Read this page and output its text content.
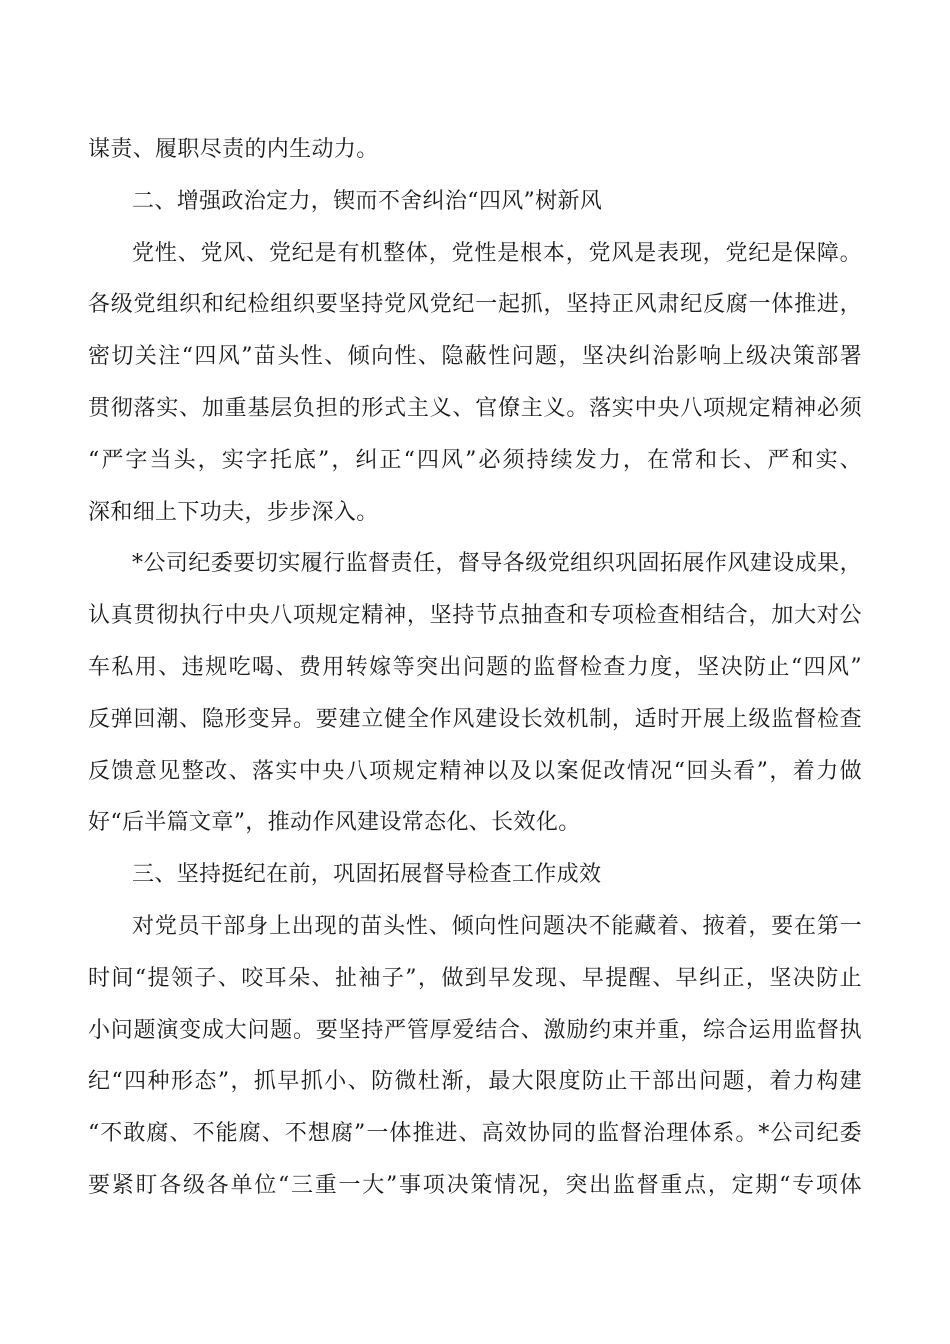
谋责、履职尽责的内生动力。
二、增强政治定力，锲而不舍纠治“四风”树新风
党性、党风、党纪是有机整体，党性是根本，党风是表现，党纪是保障。
各级党组织和纪检组织要坚持党风党纪一起抓，坚持正风肃纪反腐一体推进，
密切关注“四风”苗头性、倾向性、隐蔽性问题，坚决纠治影响上级决策部署
贯彻落实、加重基层负担的形式主义、官僚主义。落实中央八项规定精神必须
“严字当头，实字托底”，纠正“四风”必须持续发力，在常和长、严和实、
深和细上下功夫，步步深入。
*公司纪委要切实履行监督责任，督导各级党组织巩固拓展作风建设成果，
认真贯彻执行中央八项规定精神，坚持节点抽查和专项检查相结合，加大对公
车私用、违规吃喝、费用转嫁等突出问题的监督检查力度，坚决防止“四风”
反弹回潮、隐形变异。要建立健全作风建设长效机制，适时开展上级监督检查
反馈意见整改、落实中央八项规定精神以及以案促改情况“回头看”，着力做
好“后半篇文章”，推动作风建设常态化、长效化。
三、坚持挺纪在前，巩固拓展督导检查工作成效
对党员干部身上出现的苗头性、倾向性问题决不能藏着、掖着，要在第一
时间“提领子、咬耳朵、扯袖子”，做到早发现、早提醒、早纠正，坚决防止
小问题演变成大问题。要坚持严管厚爱结合、激励约束并重，综合运用监督执
纪“四种形态”，抓早抓小、防微杜渐，最大限度防止干部出问题，着力构建
“不敢腐、不能腐、不想腐”一体推进、高效协同的监督治理体系。*公司纪委
要紧盯各级各单位“三重一大”事项决策情况，突出监督重点，定期“专项体
